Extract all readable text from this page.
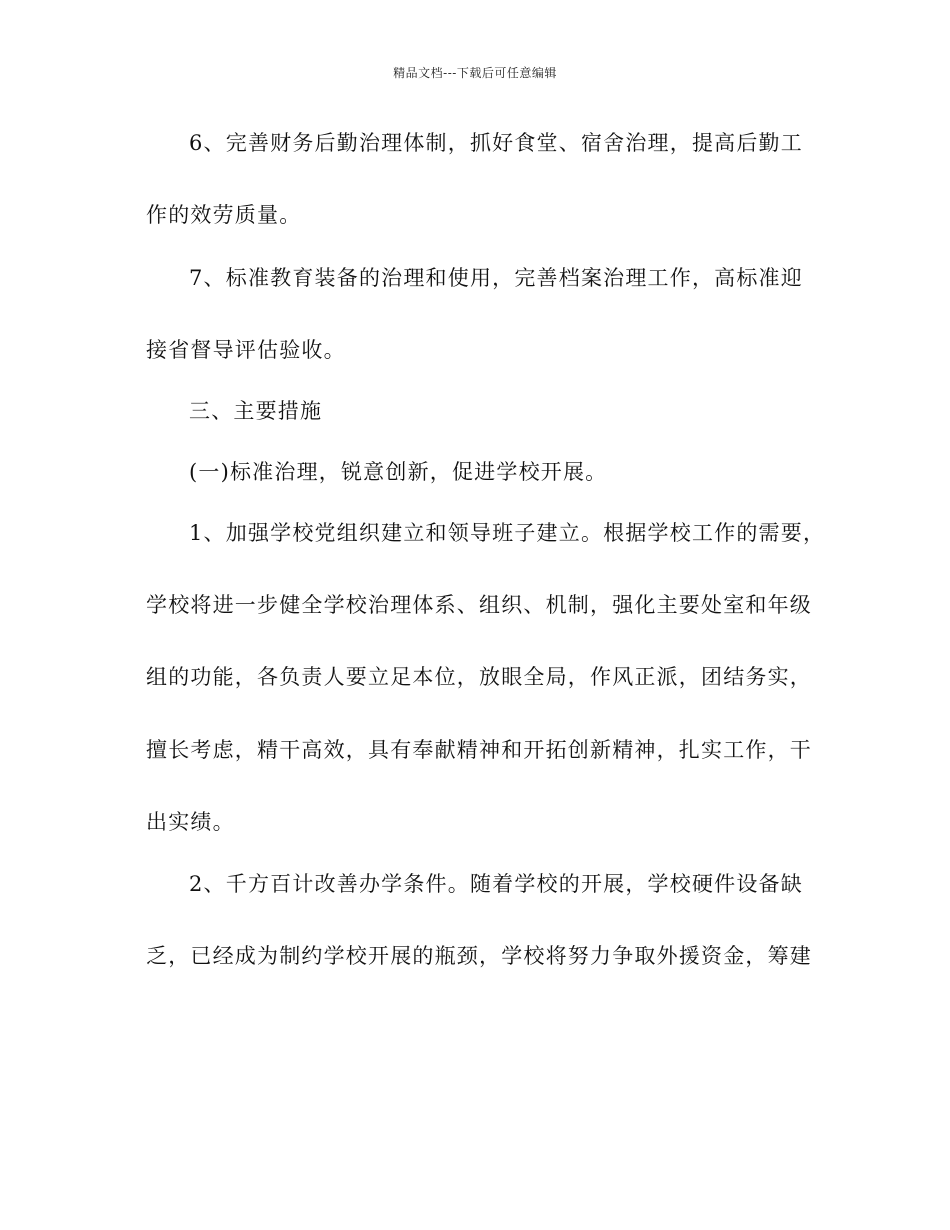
精品文档---下载后可任意编辑
6、完善财务后勤治理体制，抓好食堂、宿舍治理，提高后勤工
作的效劳质量。
7、标准教育装备的治理和使用，完善档案治理工作，高标准迎
接省督导评估验收。
三、主要措施
(一)标准治理，锐意创新，促进学校开展。
1、加强学校党组织建立和领导班子建立。根据学校工作的需要，
学校将进一步健全学校治理体系、组织、机制，强化主要处室和年级
组的功能，各负责人要立足本位，放眼全局，作风正派，团结务实，
擅长考虑，精干高效，具有奉献精神和开拓创新精神，扎实工作，干
出实绩。
2、千方百计改善办学条件。随着学校的开展，学校硬件设备缺
乏，已经成为制约学校开展的瓶颈，学校将努力争取外援资金，筹建
